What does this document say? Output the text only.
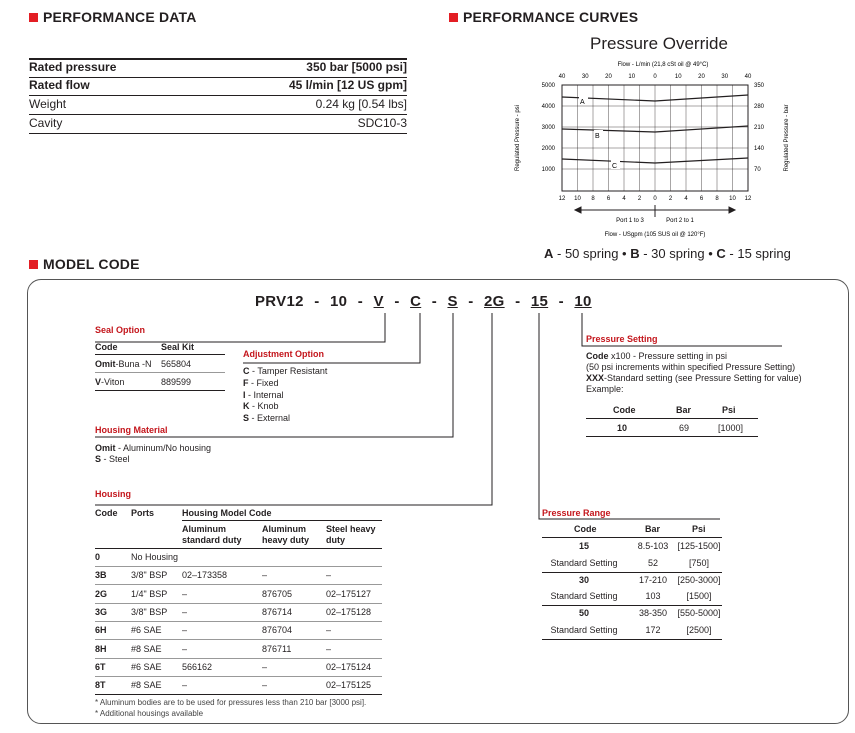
PERFORMANCE DATA
Rated pressure	350 bar [5000 psi]
Rated flow	45 l/min [12 US gpm]
Weight	0.24 kg [0.54 lbs]
Cavity	SDC10-3
PERFORMANCE CURVES
Pressure Override
Flow - L/min (21,8 cSt oil @ 49°C)
40	30	20	10	0	10	20	30	40
5000
4000
3000
2000
1000
350
280
210
140
70
12 10 8 6 4 2 0 2 4 6 8 10 12
A
B
C
Regulated Pressure - psi	Regulated Pressure - bar
Port 1 to 3	Port 2 to 1
Flow - USgpm (105 SUS oil @ 120°F)
A - 50 spring • B - 30 spring • C - 15 spring
MODEL CODE
PRV12 - 10 - V - C - S - 2G - 15 - 10
Seal Option
Code	Seal Kit
Omit-Buna -N 565804
V-Viton	889599
Adjustment Option
C - Tamper Resistant
F - Fixed
I - Internal
K - Knob
S - External
Housing Material
Omit - Aluminum/No housing
S - Steel
Housing
Code Ports	Housing Model Code
Aluminum standard duty
Aluminum heavy duty
Steel heavy duty
0	No Housing
3B	3/8" BSP 02–173358	–	–
2G	1/4" BSP –	876705	02–175127
3G	3/8" BSP –	876714	02–175128
6H	#6 SAE –	876704	–
8H	#8 SAE –	876711	–
6T	#6 SAE 566162	–	02–175124
8T	#8 SAE –	–	02–175125
* Aluminum bodies are to be used for pressures less than 210 bar [3000 psi].
* Additional housings available
Pressure Range
Code	Bar	Psi
15	8.5-103	[125-1500]
Standard Setting	52	[750]
30	17-210	[250-3000]
Standard Setting	103	[1500]
50	38-350	[550-5000]
Standard Setting	172	[2500]
Pressure Setting
Code x100 - Pressure setting in psi
(50 psi increments within specified Pressure Setting)
XXX-Standard setting (see Pressure Setting for value)
Example:
Code	Bar	Psi
10	69	[1000]
